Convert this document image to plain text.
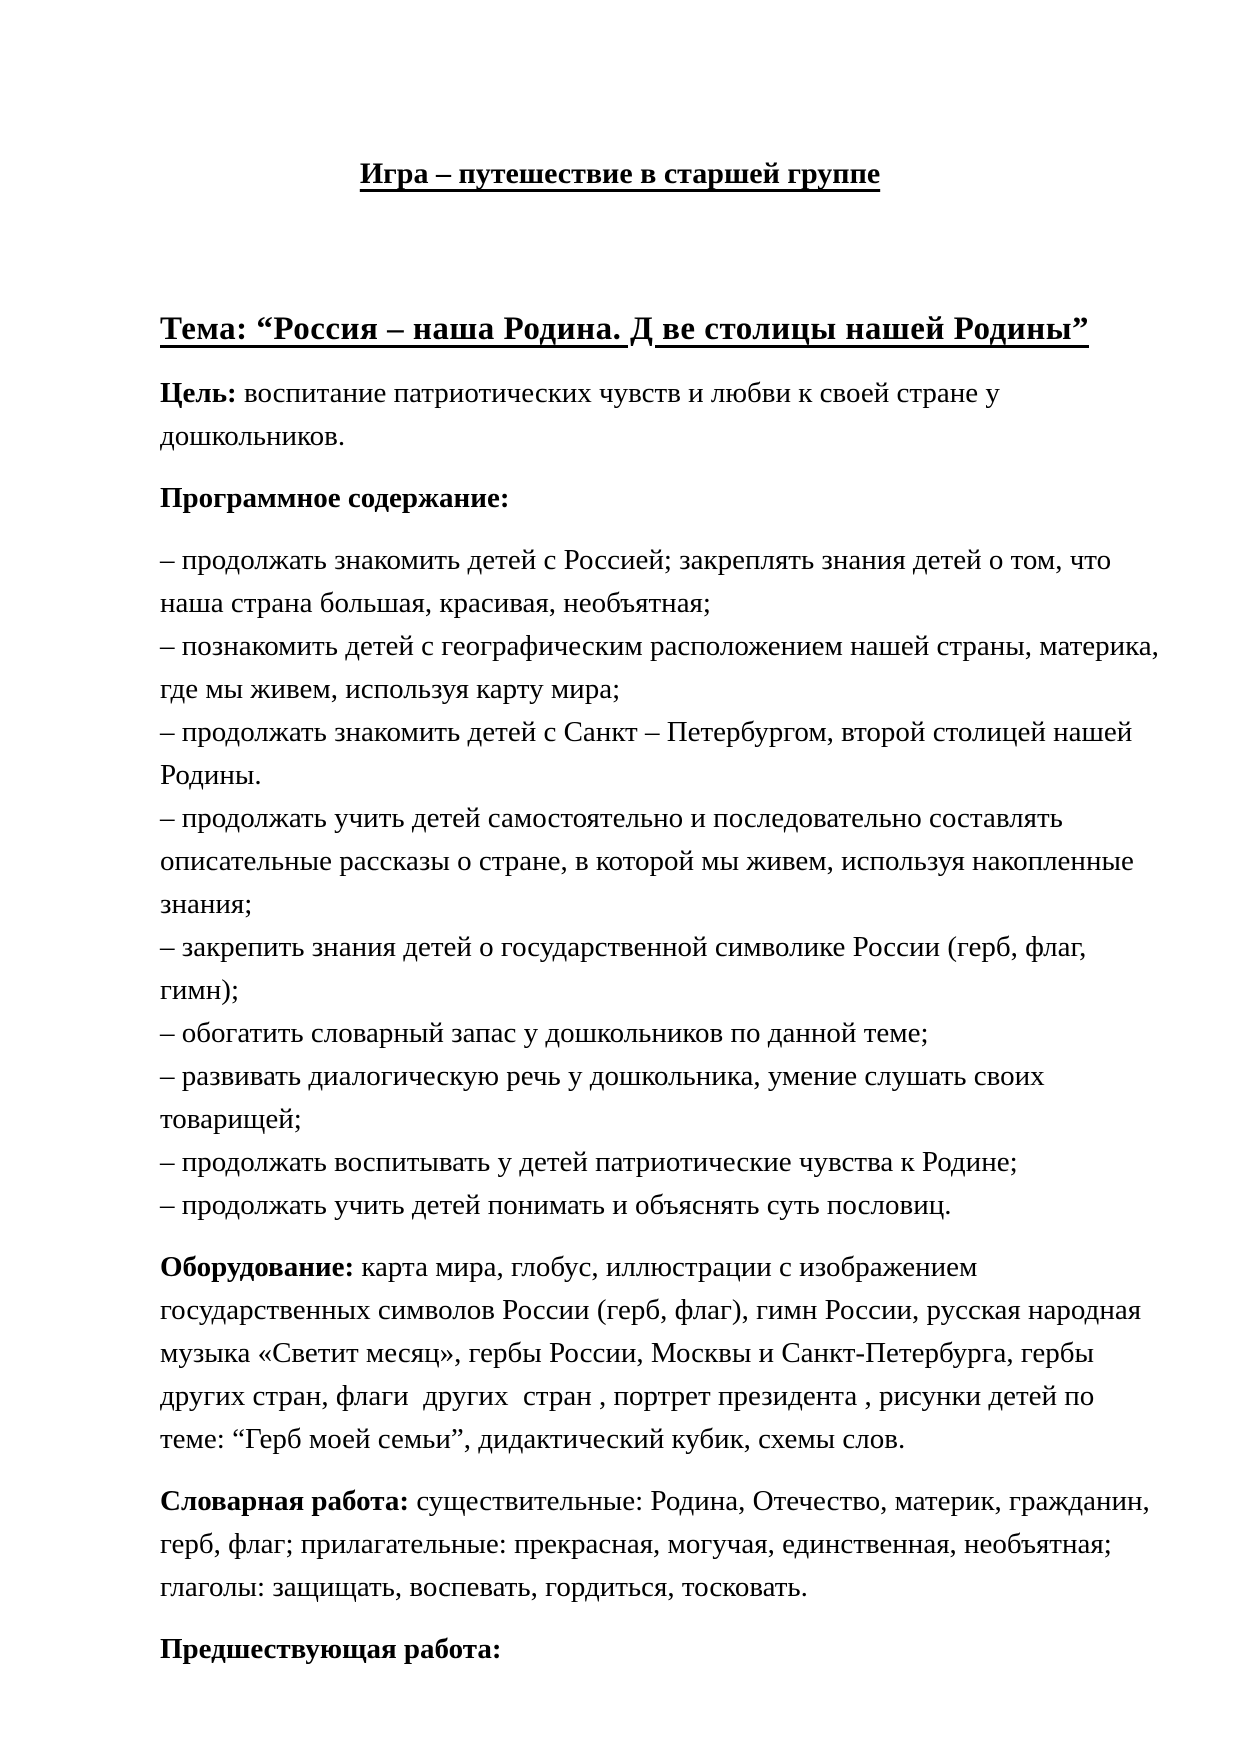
Игра – путешествие в старшей группе
Тема: “Россия – наша Родина. Д ве столицы нашей Родины”

Цель: воспитание патриотических чувств и любви к своей стране у дошкольников.

Программное содержание:

– продолжать знакомить детей с Россией; закреплять знания детей о том, что наша страна большая, красивая, необъятная;

– познакомить детей с географическим расположением нашей страны, материка, где мы живем, используя карту мира;

– продолжать знакомить детей с Санкт – Петербургом, второй столицей нашей Родины.

– продолжать учить детей самостоятельно и последовательно составлять описательные рассказы о стране, в которой мы живем, используя накопленные знания;

– закрепить знания детей о государственной символике России (герб, флаг, гимн);

– обогатить словарный запас у дошкольников по данной теме;

– развивать диалогическую речь у дошкольника, умение слушать своих товарищей;

– продолжать воспитывать у детей патриотические чувства к Родине;

– продолжать учить детей понимать и объяснять суть пословиц.

Оборудование: карта мира, глобус, иллюстрации с изображением государственных символов России (герб, флаг), гимн России, русская народная музыка «Светит месяц», гербы России, Москвы и Санкт-Петербурга, гербы других стран, флаги  других  стран , портрет президента , рисунки детей по теме: “Герб моей семьи”, дидактический кубик, схемы слов.

Словарная работа: существительные: Родина, Отечество, материк, гражданин, герб, флаг; прилагательные: прекрасная, могучая, единственная, необъятная; глаголы: защищать, воспевать, гордиться, тосковать.

Предшествующая работа:
